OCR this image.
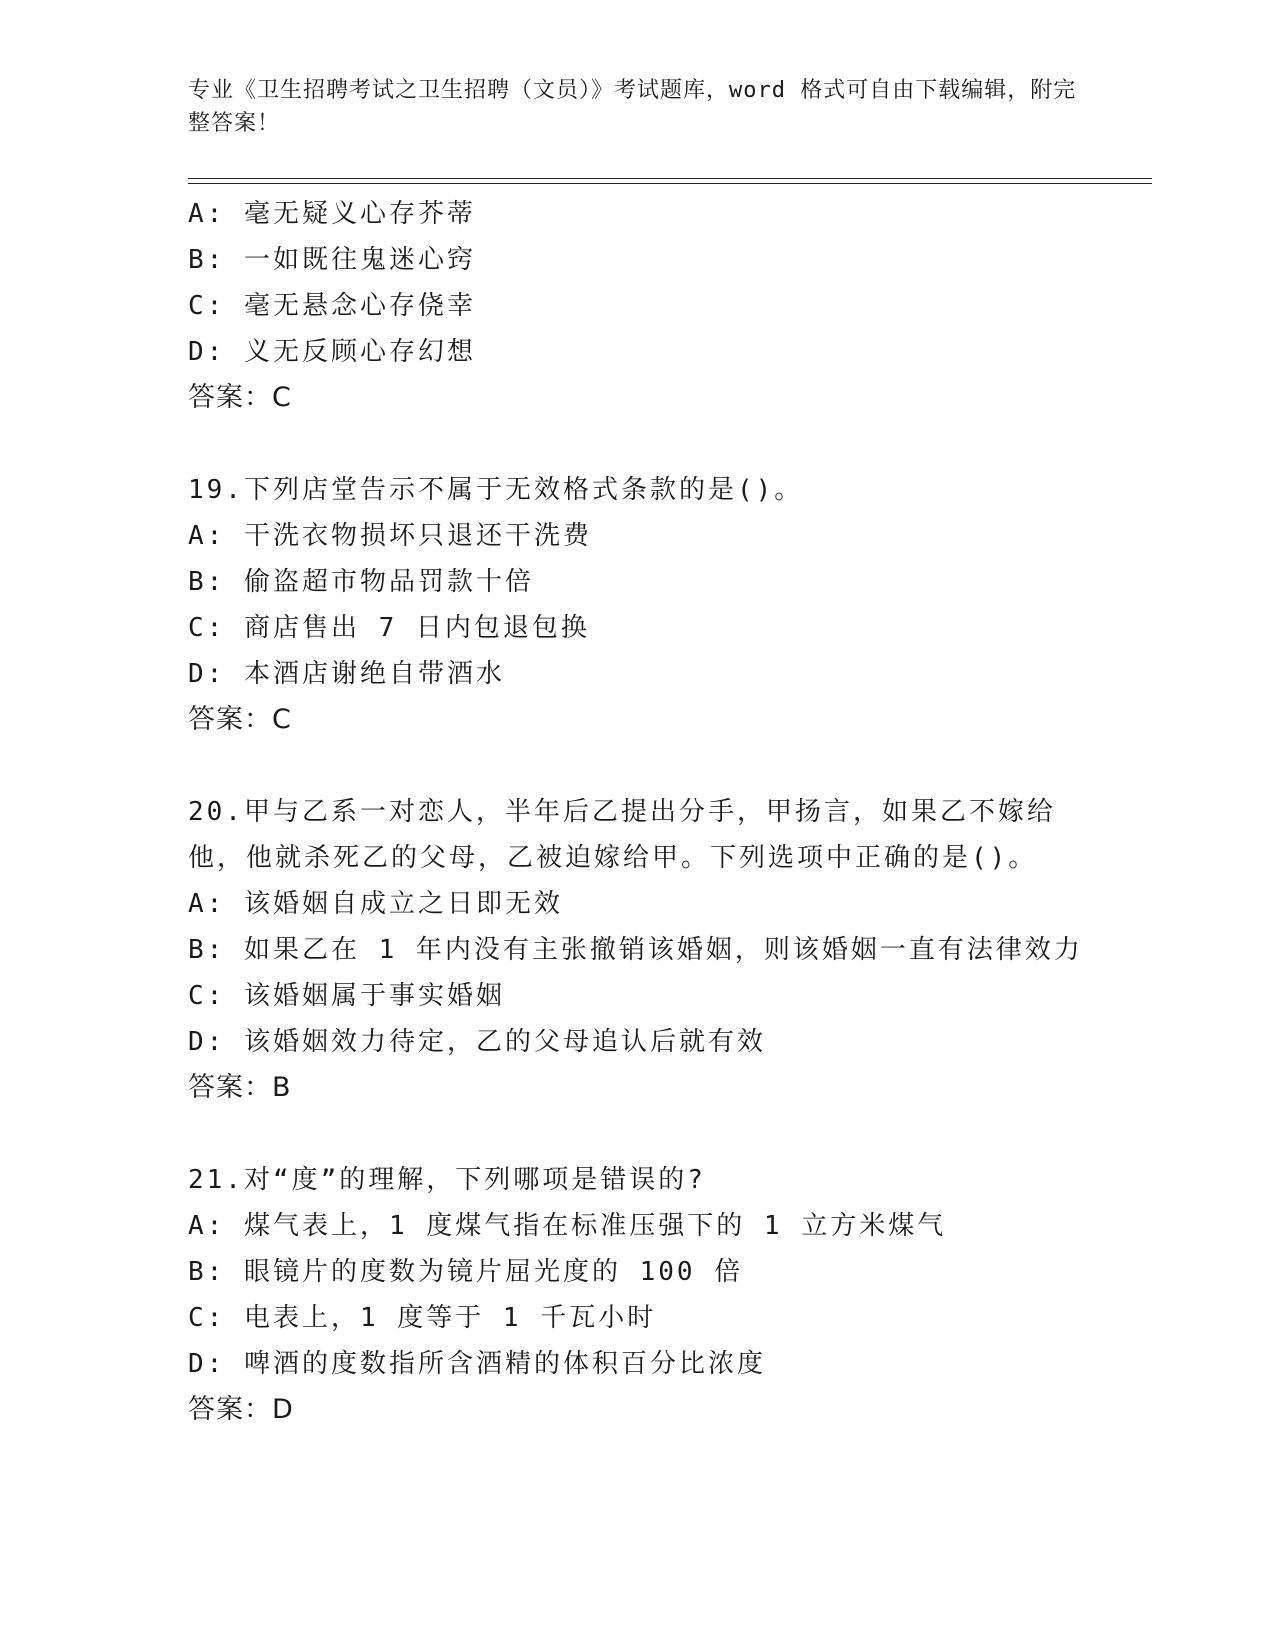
专业《卫生招聘考试之卫生招聘（文员）》考试题库，word 格式可自由下载编辑，附完整答案！
A: 毫无疑义心存芥蒂
B: 一如既往鬼迷心窍
C: 毫无悬念心存侥幸
D: 义无反顾心存幻想
答案：C
19.下列店堂告示不属于无效格式条款的是()。
A: 干洗衣物损坏只退还干洗费
B: 偷盗超市物品罚款十倍
C: 商店售出 7 日内包退包换
D: 本酒店谢绝自带酒水
答案：C
20.甲与乙系一对恋人，半年后乙提出分手，甲扬言，如果乙不嫁给他，他就杀死乙的父母，乙被迫嫁给甲。下列选项中正确的是()。
A: 该婚姻自成立之日即无效
B: 如果乙在 1 年内没有主张撤销该婚姻，则该婚姻一直有法律效力
C: 该婚姻属于事实婚姻
D: 该婚姻效力待定，乙的父母追认后就有效
答案：B
21.对“度”的理解，下列哪项是错误的?
A: 煤气表上，1 度煤气指在标准压强下的 1 立方米煤气
B: 眼镜片的度数为镜片屈光度的 100 倍
C: 电表上，1 度等于 1 千瓦小时
D: 啤酒的度数指所含酒精的体积百分比浓度
答案：D
